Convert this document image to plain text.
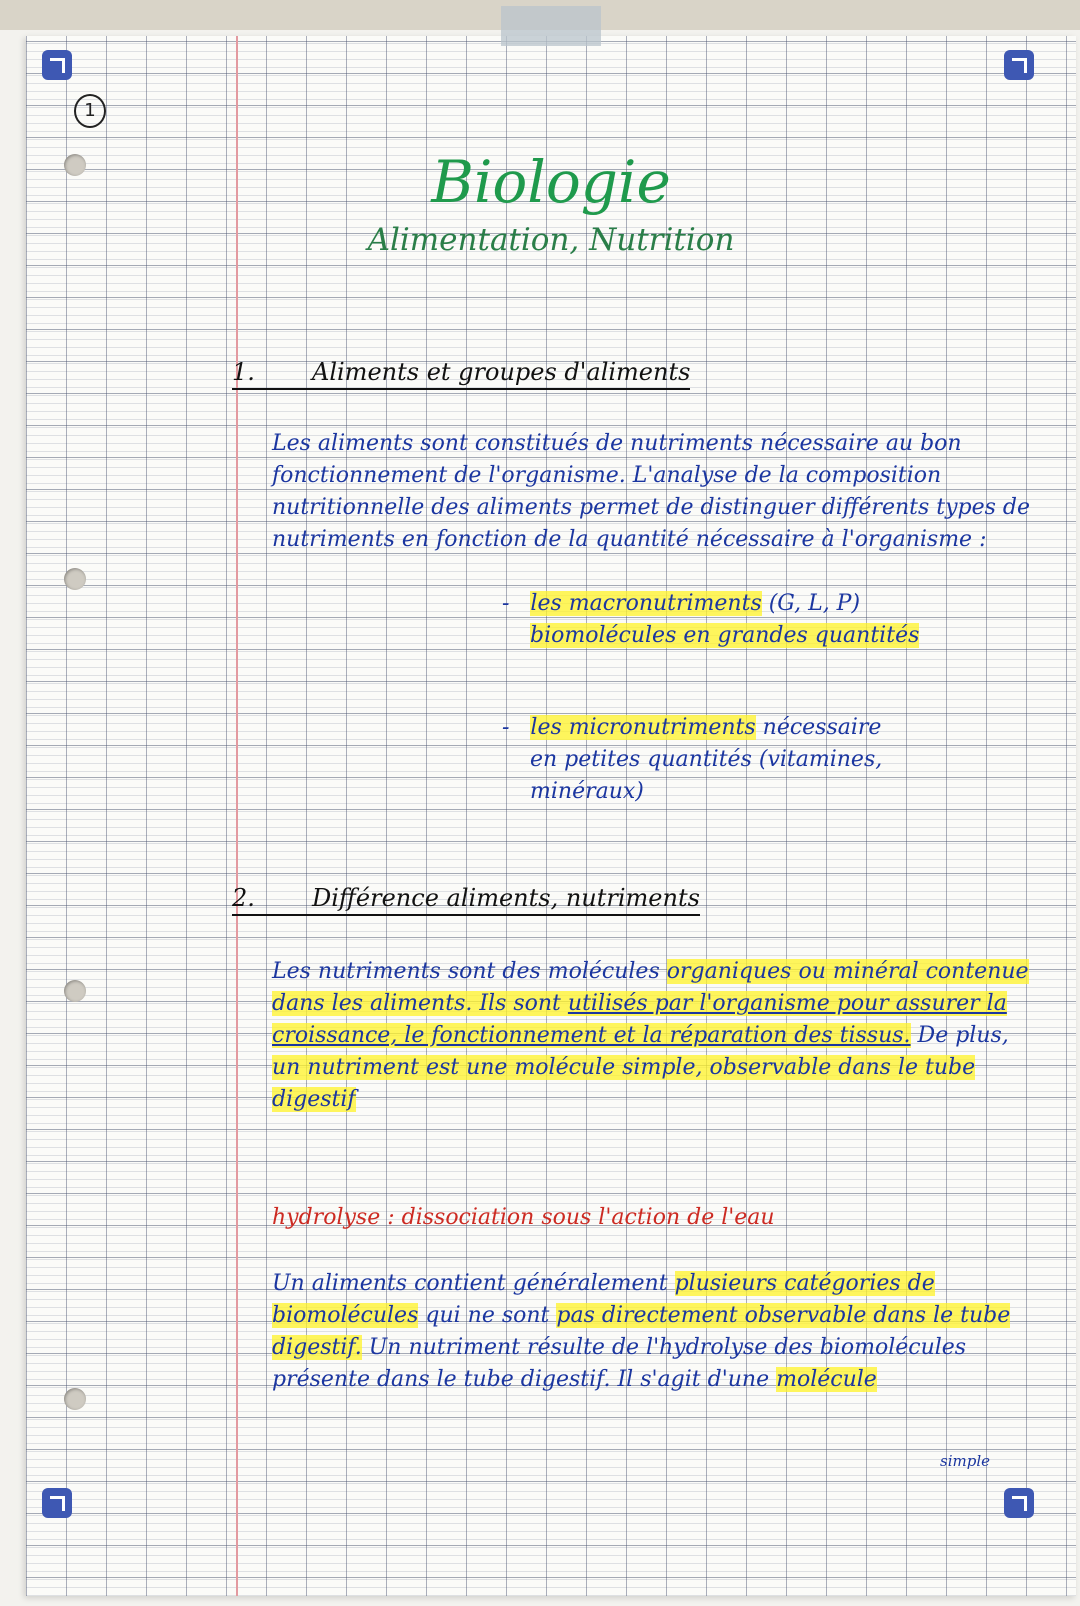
1
Biologie
Alimentation, Nutrition
1. Aliments et groupes d'aliments
Les aliments sont constitués de nutriments nécessaire au bon fonctionnement de l'organisme. L'analyse de la composition nutritionnelle des aliments permet de distinguer différents types de nutriments en fonction de la quantité nécessaire à l'organisme :
- les macronutriments (G, L, P)
biomolécules en grandes quantités
- les micronutriments nécessaire
en petites quantités (vitamines,
minéraux)
2. Différence aliments, nutriments
Les nutriments sont des molécules organiques ou minéral contenue dans les aliments. Ils sont utilisés par l'organisme pour assurer la croissance, le fonctionnement et la réparation des tissus. De plus, un nutriment est une molécule simple, observable dans le tube digestif
hydrolyse : dissociation sous l'action de l'eau
Un aliments contient généralement plusieurs catégories de biomolécules qui ne sont pas directement observable dans le tube digestif. Un nutriment résulte de l'hydrolyse des biomolécules présente dans le tube digestif. Il s'agit d'une molécule
simple
